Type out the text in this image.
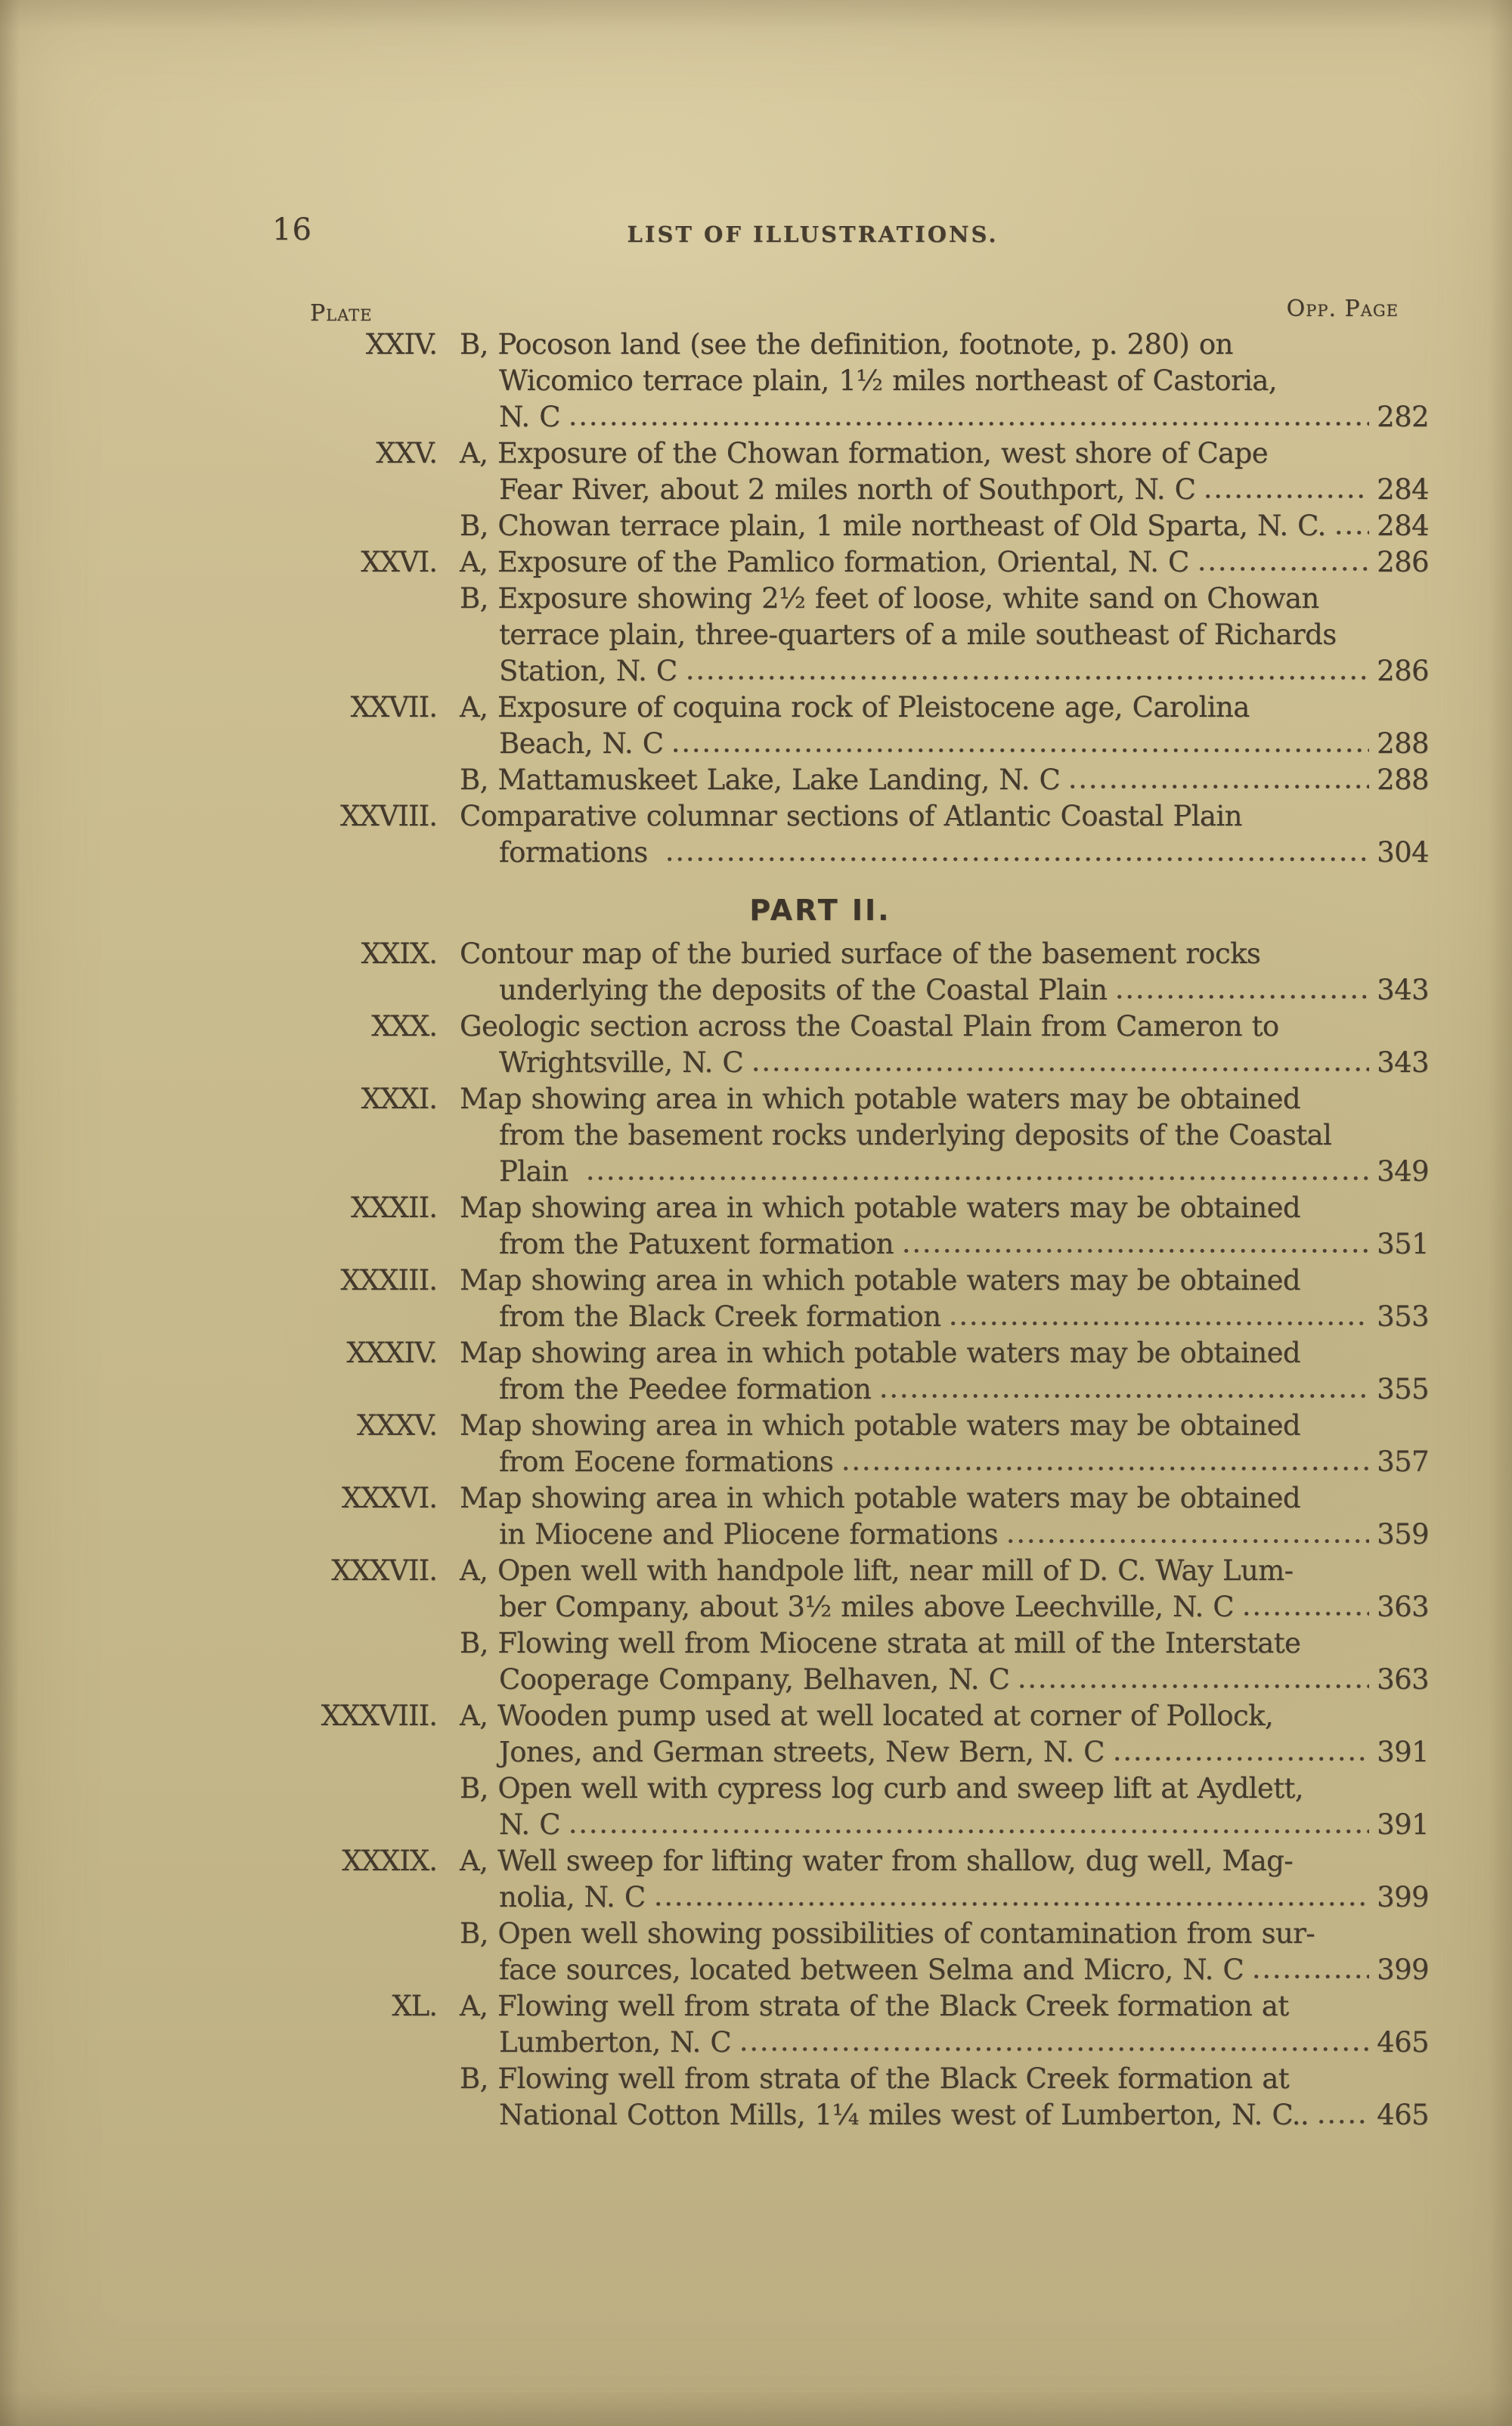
16	LIST OF ILLUSTRATIONS.
Plate	Opp. Page
XXIV. B, Pocoson land (see the definition, footnote, p. 280) on
Wicomico terrace plain, 1½ miles northeast of Castoria,
N. C	282
XXV. A, Exposure of the Chowan formation, west shore of Cape
Fear River, about 2 miles north of Southport, N. C	284
B, Chowan terrace plain, 1 mile northeast of Old Sparta, N. C. 284
XXVI. A, Exposure of the Pamlico formation, Oriental, N. C	286
B, Exposure showing 2½ feet of loose, white sand on Chowan
terrace plain, three-quarters of a mile southeast of Richards
Station, N. C	286
XXVII. A, Exposure of coquina rock of Pleistocene age, Carolina
Beach, N. C	288
B, Mattamuskeet Lake, Lake Landing, N. C	288
XXVIII. Comparative columnar sections of Atlantic Coastal Plain
formations	304
XXIX. Contour map of the buried surface of the basement rocks
underlying the deposits of the Coastal Plain	343
XXX. Geologic section across the Coastal Plain from Cameron to
Wrightsville, N. C	343
XXXI. Map showing area in which potable waters may be obtained
from the basement rocks underlying deposits of the Coastal
Plain	349
XXXII. Map showing area in which potable waters may be obtained
from the Patuxent formation	351
XXXIII. Map showing area in which potable waters may be obtained
from the Black Creek formation	353
XXXIV. Map showing area in which potable waters may be obtained
from the Peedee formation	355
XXXV. Map showing area in which potable waters may be obtained
from Eocene formations	357
XXXVI. Map showing area in which potable waters may be obtained
in Miocene and Pliocene formations	359
XXXVII. A, Open well with handpole lift, near mill of D. C. Way Lum-
ber Company, about 3½ miles above Leechville, N. C	363
B, Flowing well from Miocene strata at mill of the Interstate
Cooperage Company, Belhaven, N. C	363
XXXVIII. A, Wooden pump used at well located at corner of Pollock,
Jones, and German streets, New Bern, N. C	391
B, Open well with cypress log curb and sweep lift at Aydlett,
N. C	391
XXXIX. A, Well sweep for lifting water from shallow, dug well, Mag-
nolia, N. C	399
B, Open well showing possibilities of contamination from sur-
face sources, located between Selma and Micro, N. C	399
XL. A, Flowing well from strata of the Black Creek formation at
Lumberton, N. C	465
B, Flowing well from strata of the Black Creek formation at
National Cotton Mills, 1¼ miles west of Lumberton, N. C.. 465
PART II.
